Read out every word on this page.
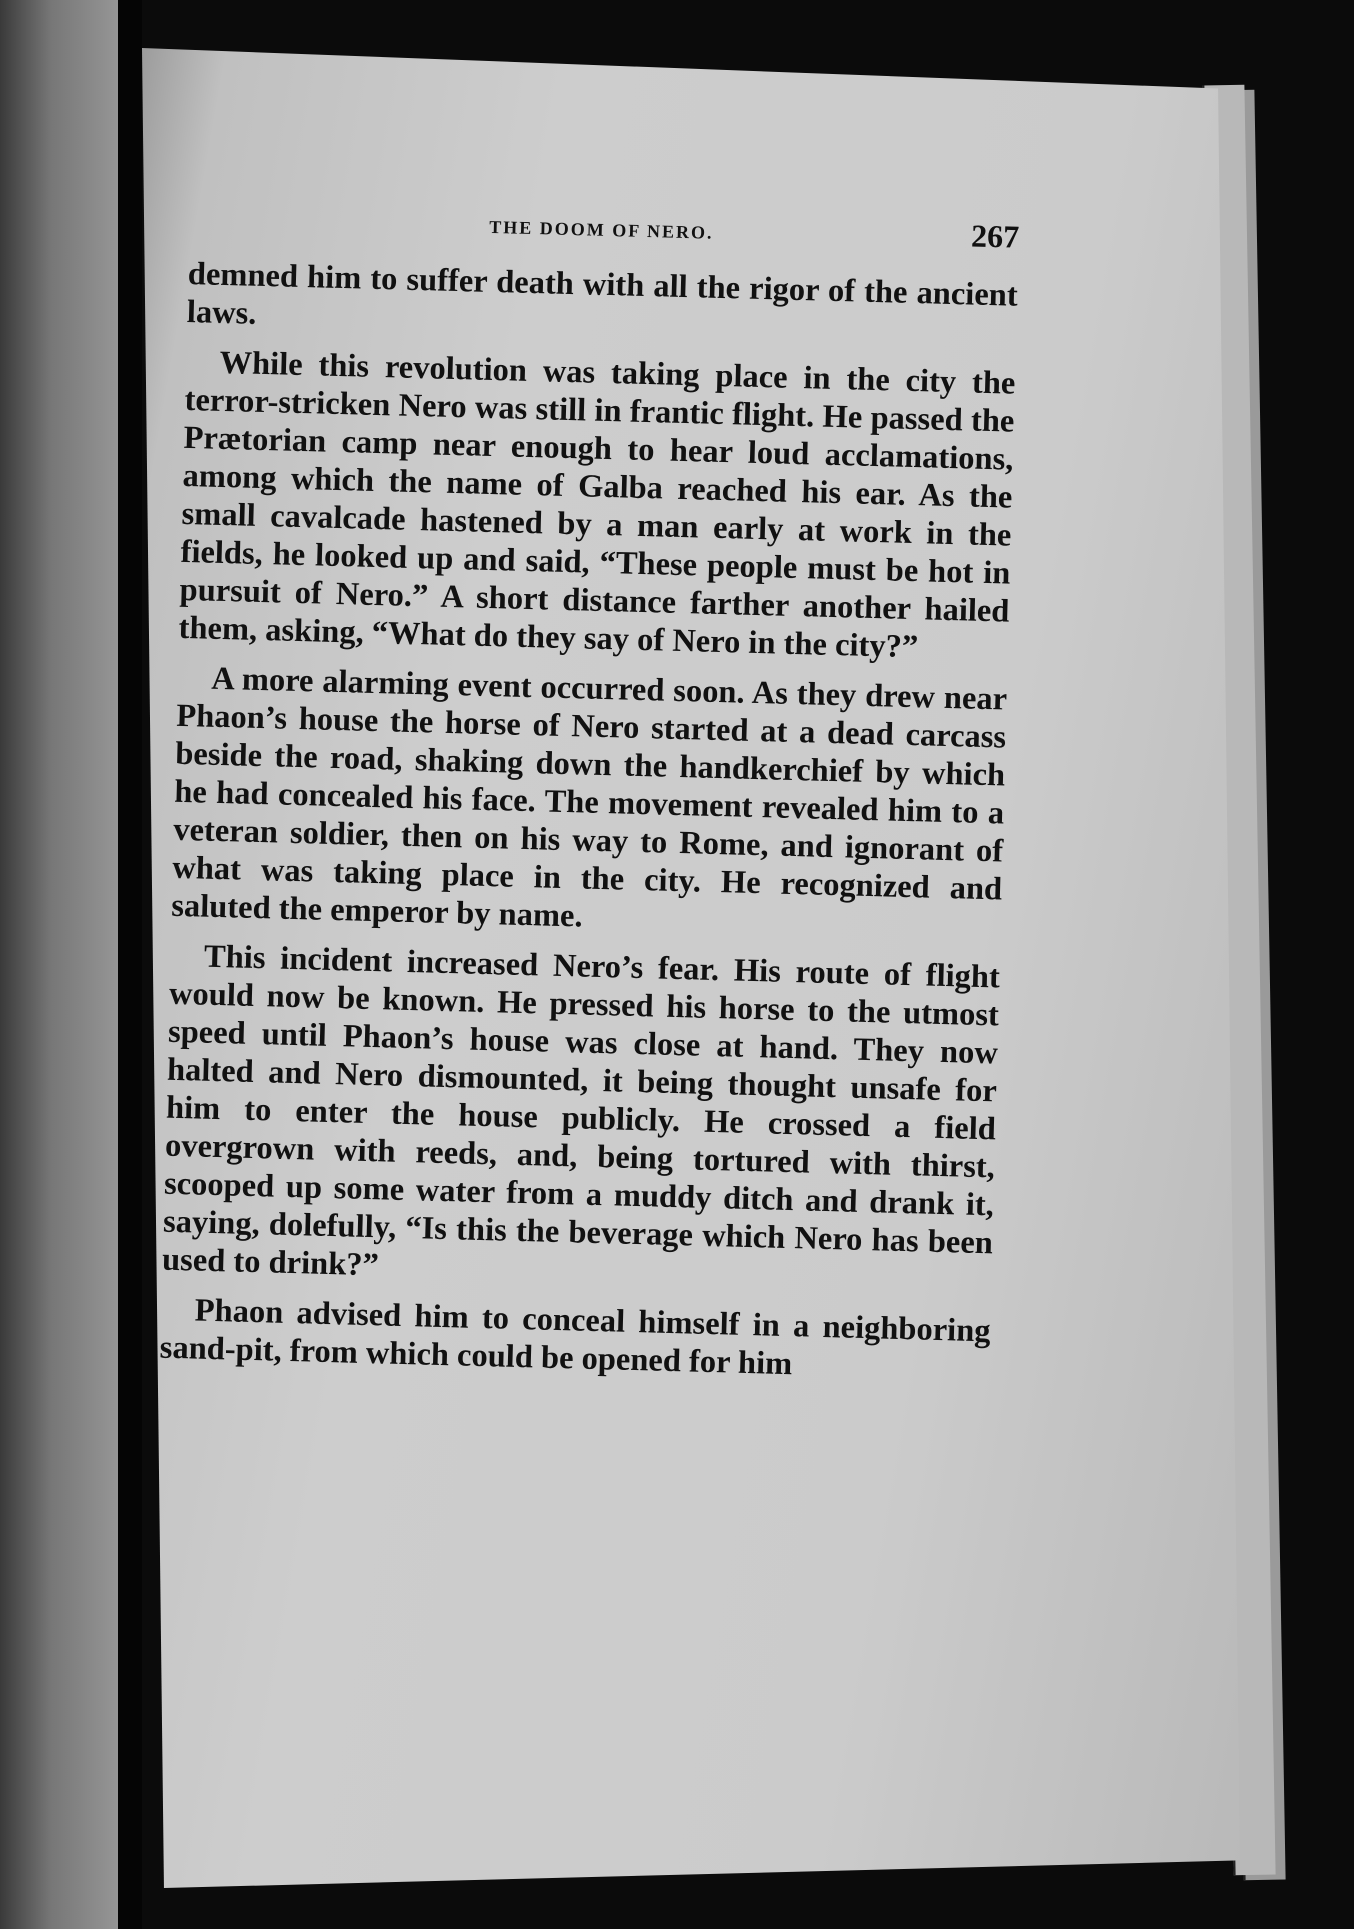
THE DOOM OF NERO.	267

demned him to suffer death with all the rigor of the ancient laws.

While this revolution was taking place in the city the terror-stricken Nero was still in frantic flight. He passed the Prætorian camp near enough to hear loud acclamations, among which the name of Galba reached his ear. As the small cavalcade hastened by a man early at work in the fields, he looked up and said, “These people must be hot in pursuit of Nero.” A short distance farther another hailed them, asking, “What do they say of Nero in the city?”

A more alarming event occurred soon. As they drew near Phaon’s house the horse of Nero started at a dead carcass beside the road, shaking down the handkerchief by which he had concealed his face. The movement revealed him to a veteran soldier, then on his way to Rome, and ignorant of what was taking place in the city. He recognized and saluted the emperor by name.

This incident increased Nero’s fear. His route of flight would now be known. He pressed his horse to the utmost speed until Phaon’s house was close at hand. They now halted and Nero dismounted, it being thought unsafe for him to enter the house publicly. He crossed a field overgrown with reeds, and, being tortured with thirst, scooped up some water from a muddy ditch and drank it, saying, dolefully, “Is this the beverage which Nero has been used to drink?”

Phaon advised him to conceal himself in a neighboring sand-pit, from which could be opened for him
